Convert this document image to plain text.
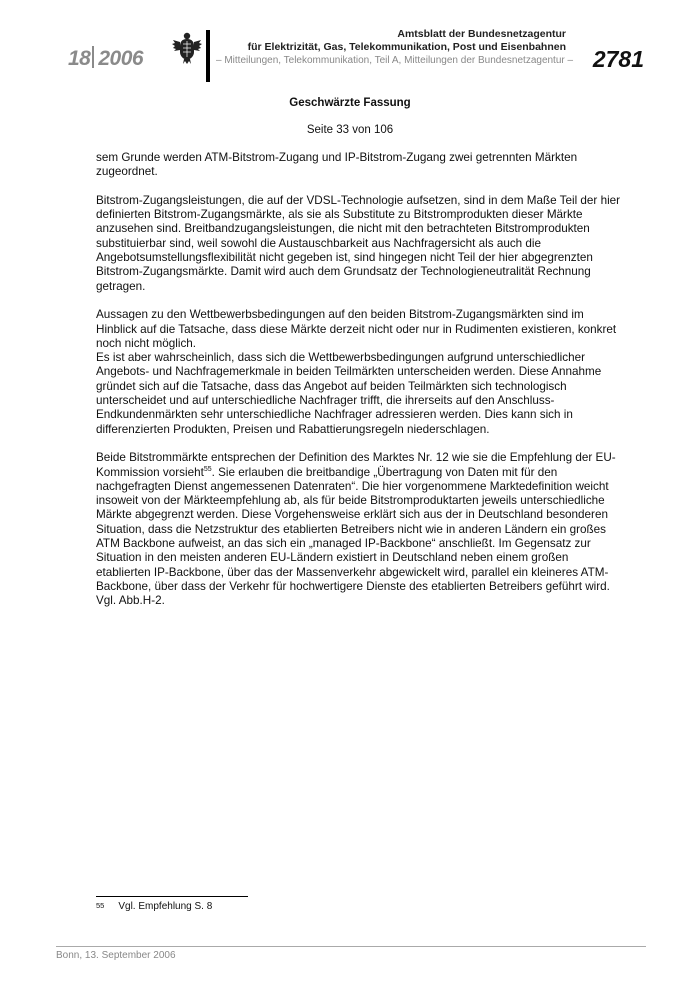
18 2006
Amtsblatt der Bundesnetzagentur
für Elektrizität, Gas, Telekommunikation, Post und Eisenbahnen
– Mitteilungen, Telekommunikation, Teil A, Mitteilungen der Bundesnetzagentur – 2781
Geschwärzte Fassung
Seite 33 von 106

sem Grunde werden ATM-Bitstrom-Zugang und IP-Bitstrom-Zugang zwei getrennten Märkten zugeordnet.

Bitstrom-Zugangsleistungen, die auf der VDSL-Technologie aufsetzen, sind in dem Maße Teil der hier definierten Bitstrom-Zugangsmärkte, als sie als Substitute zu Bitstromprodukten dieser Märkte anzusehen sind. Breitbandzugangsleistungen, die nicht mit den betrachteten Bitstromprodukten substituierbar sind, weil sowohl die Austauschbarkeit aus Nachfragersicht als auch die Angebotsumstellungsflexibilität nicht gegeben ist, sind hingegen nicht Teil der hier abgegrenzten Bitstrom-Zugangsmärkte. Damit wird auch dem Grundsatz der Technologieneutralität Rechnung getragen.

Aussagen zu den Wettbewerbsbedingungen auf den beiden Bitstrom-Zugangsmärkten sind im Hinblick auf die Tatsache, dass diese Märkte derzeit nicht oder nur in Rudimenten existieren, konkret noch nicht möglich.

Es ist aber wahrscheinlich, dass sich die Wettbewerbsbedingungen aufgrund unterschiedlicher Angebots- und Nachfragemerkmale in beiden Teilmärkten unterscheiden werden. Diese Annahme gründet sich auf die Tatsache, dass das Angebot auf beiden Teilmärkten sich technologisch unterscheidet und auf unterschiedliche Nachfrager trifft, die ihrerseits auf den Anschluss-Endkundenmärkten sehr unterschiedliche Nachfrager adressieren werden. Dies kann sich in differenzierten Produkten, Preisen und Rabattierungsregeln niederschlagen.

Beide Bitstrommärkte entsprechen der Definition des Marktes Nr. 12 wie sie die Empfehlung der EU-Kommission vorsieht$^{55}$. Sie erlauben die breitbandige „Übertragung von Daten mit für den nachgefragten Dienst angemessenen Datenraten“. Die hier vorgenommene Marktedefinition weicht insoweit von der Märkteempfehlung ab, als für beide Bitstromproduktarten jeweils unterschiedliche Märkte abgegrenzt werden. Diese Vorgehensweise erklärt sich aus der in Deutschland besonderen Situation, dass die Netzstruktur des etablierten Betreibers nicht wie in anderen Ländern ein großes ATM Backbone aufweist, an das sich ein „managed IP-Backbone“ anschließt. Im Gegensatz zur Situation in den meisten anderen EU-Ländern existiert in Deutschland neben einem großen etablierten IP-Backbone, über das der Massenverkehr abgewickelt wird, parallel ein kleineres ATM-Backbone, über dass der Verkehr für hochwertigere Dienste des etablierten Betreibers geführt wird. Vgl. Abb.H-2.

$^{55}$ Vgl. Empfehlung S. 8
Bonn, 13. September 2006
